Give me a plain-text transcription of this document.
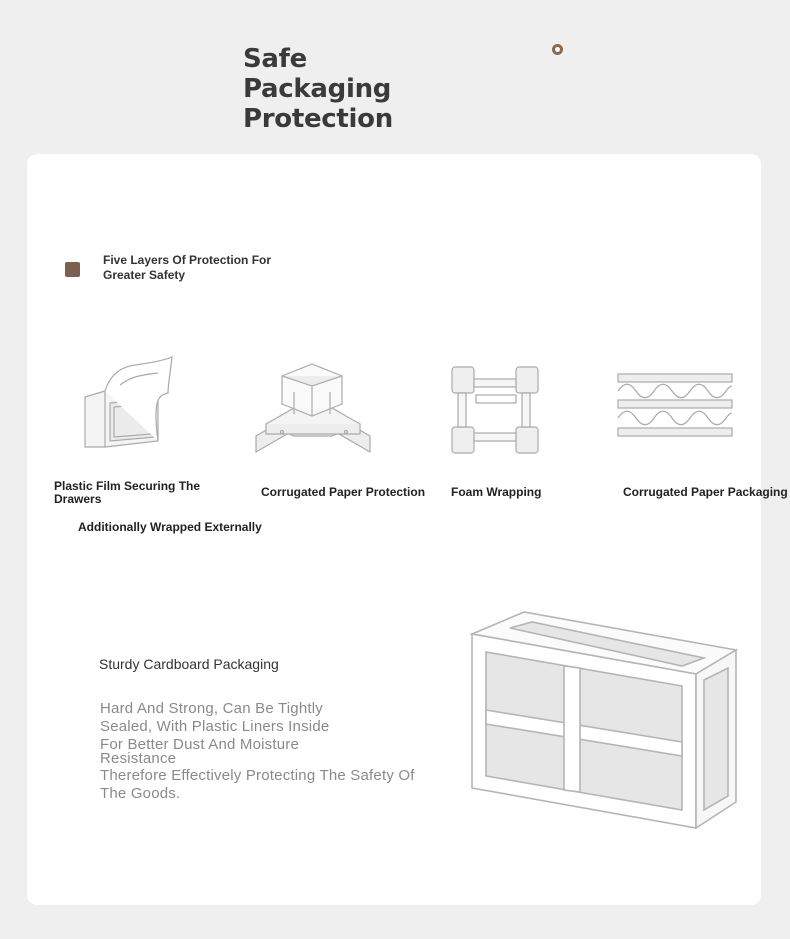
Safe Packaging Protection
Five Layers Of Protection For Greater Safety
Plastic Film Securing The Drawers	Corrugated Paper Protection Foam Wrapping	Corrugated Paper Packaging
Additionally Wrapped Externally
Sturdy Cardboard Packaging
Hard And Strong, Can Be Tightly
Sealed, With Plastic Liners Inside
For Better Dust And Moisture
Resistance
Therefore Effectively Protecting The Safety Of
The Goods.
